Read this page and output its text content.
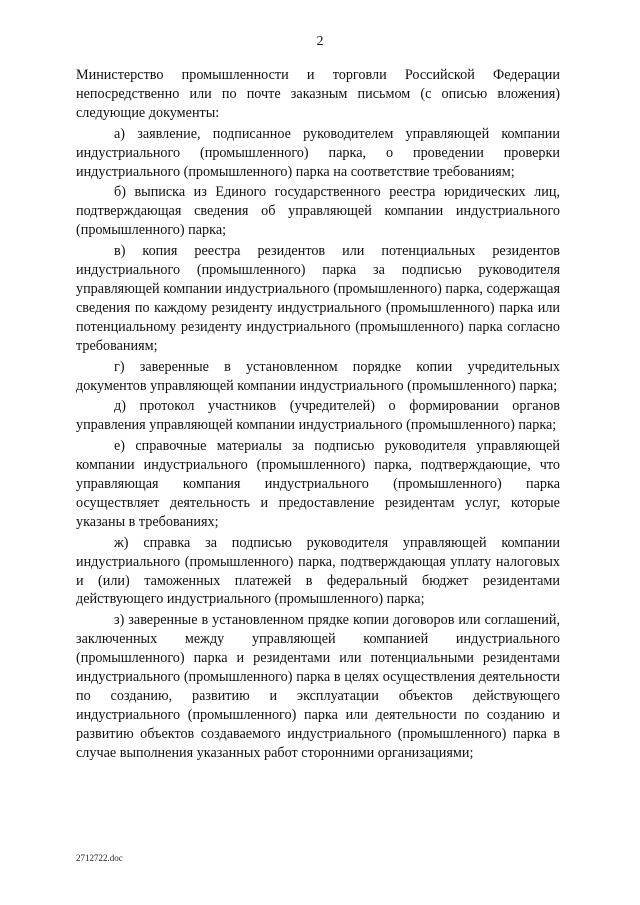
2

Министерство промышленности и торговли Российской Федерации непосредственно или по почте заказным письмом (с описью вложения) следующие документы:

а) заявление, подписанное руководителем управляющей компании индустриального (промышленного) парка, о проведении проверки индустриального (промышленного) парка на соответствие требованиям;

б) выписка из Единого государственного реестра юридических лиц, подтверждающая сведения об управляющей компании индустриального (промышленного) парка;

в) копия реестра резидентов или потенциальных резидентов индустриального (промышленного) парка за подписью руководителя управляющей компании индустриального (промышленного) парка, содержащая сведения по каждому резиденту индустриального (промышленного) парка или потенциальному резиденту индустриального (промышленного) парка согласно требованиям;

г) заверенные в установленном порядке копии учредительных документов управляющей компании индустриального (промышленного) парка;

д) протокол участников (учредителей) о формировании органов управления управляющей компании индустриального (промышленного) парка;

е) справочные материалы за подписью руководителя управляющей компании индустриального (промышленного) парка, подтверждающие, что управляющая компания индустриального (промышленного) парка осуществляет деятельность и предоставление резидентам услуг, которые указаны в требованиях;

ж) справка за подписью руководителя управляющей компании индустриального (промышленного) парка, подтверждающая уплату налоговых и (или) таможенных платежей в федеральный бюджет резидентами действующего индустриального (промышленного) парка;

з) заверенные в установленном прядке копии договоров или соглашений, заключенных между управляющей компанией индустриального (промышленного) парка и резидентами или потенциальными резидентами индустриального (промышленного) парка в целях осуществления деятельности по созданию, развитию и эксплуатации объектов действующего индустриального (промышленного) парка или деятельности по созданию и развитию объектов создаваемого индустриального (промышленного) парка в случае выполнения указанных работ сторонними организациями;

2712722.doc
